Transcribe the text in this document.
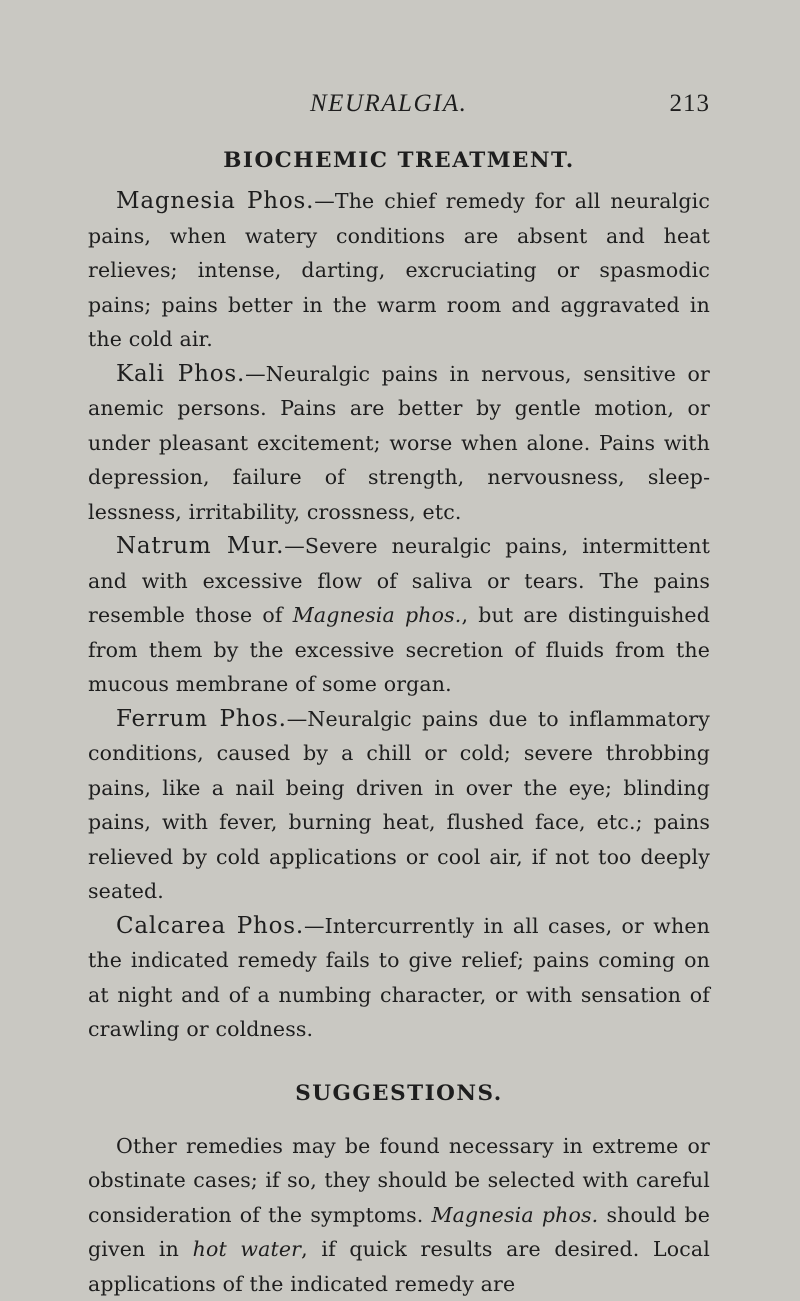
NEURALGIA.	213
BIOCHEMIC TREATMENT.

Magnesia Phos.—The chief remedy for all neuralgic pains, when watery conditions are absent and heat relieves; intense, darting, excruciating or spasmodic pains; pains better in the warm room and aggravated in the cold air.

Kali Phos.—Neuralgic pains in nervous, sensitive or anemic persons. Pains are better by gentle motion, or under pleasant excitement; worse when alone. Pains with depression, failure of strength, nervousness, sleeplessness, irritability, crossness, etc.

Natrum Mur.—Severe neuralgic pains, intermittent and with excessive flow of saliva or tears. The pains resemble those of Magnesia phos., but are distinguished from them by the excessive secretion of fluids from the mucous membrane of some organ.

Ferrum Phos.—Neuralgic pains due to inflammatory conditions, caused by a chill or cold; severe throbbing pains, like a nail being driven in over the eye; blinding pains, with fever, burning heat, flushed face, etc.; pains relieved by cold applications or cool air, if not too deeply seated.

Calcarea Phos.—Intercurrently in all cases, or when the indicated remedy fails to give relief; pains coming on at night and of a numbing character, or with sensation of crawling or coldness.

SUGGESTIONS.

Other remedies may be found necessary in extreme or obstinate cases; if so, they should be selected with careful consideration of the symptoms. Magnesia phos. should be given in hot water, if quick results are desired. Local applications of the indicated remedy are
